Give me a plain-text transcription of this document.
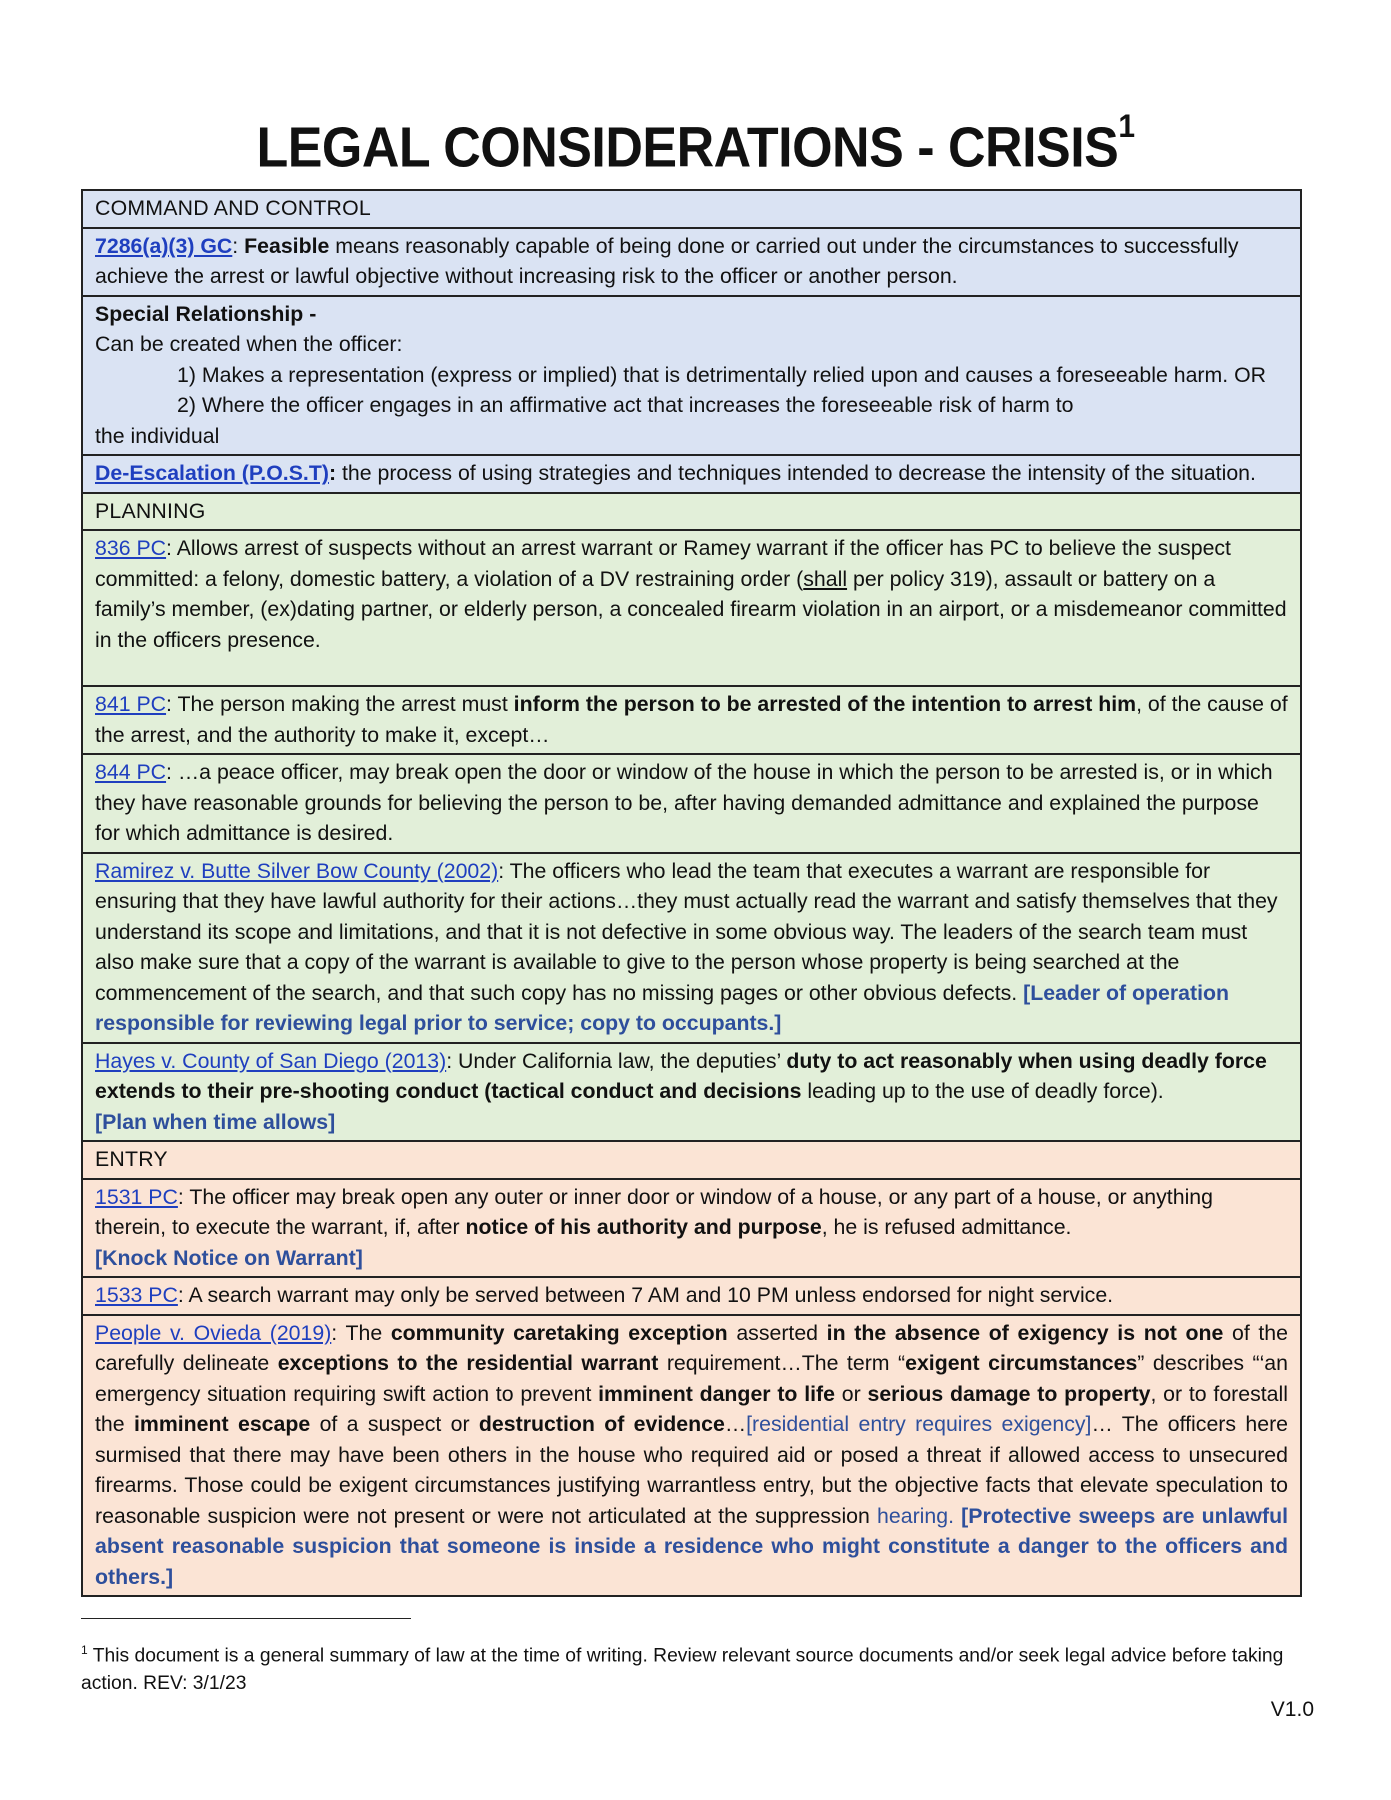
LEGAL CONSIDERATIONS - CRISIS$^1$
COMMAND AND CONTROL
7286(a)(3) GC: Feasible means reasonably capable of being done or carried out under the circumstances to successfully achieve the arrest or lawful objective without increasing risk to the officer or another person.
Special Relationship -
Can be created when the officer:
1) Makes a representation (express or implied) that is detrimentally relied upon and causes a foreseeable harm. OR
2) Where the officer engages in an affirmative act that increases the foreseeable risk of harm to
the individual
De-Escalation (P.O.S.T): the process of using strategies and techniques intended to decrease the intensity of the situation.
PLANNING
836 PC: Allows arrest of suspects without an arrest warrant or Ramey warrant if the officer has PC to believe the suspect committed: a felony, domestic battery, a violation of a DV restraining order (shall per policy 319), assault or battery on a family’s member, (ex)dating partner, or elderly person, a concealed firearm violation in an airport, or a misdemeanor committed in the officers presence.
841 PC: The person making the arrest must inform the person to be arrested of the intention to arrest him, of the cause of the arrest, and the authority to make it, except…
844 PC: …a peace officer, may break open the door or window of the house in which the person to be arrested is, or in which they have reasonable grounds for believing the person to be, after having demanded admittance and explained the purpose for which admittance is desired.
Ramirez v. Butte Silver Bow County (2002): The officers who lead the team that executes a warrant are responsible for ensuring that they have lawful authority for their actions…they must actually read the warrant and satisfy themselves that they understand its scope and limitations, and that it is not defective in some obvious way. The leaders of the search team must also make sure that a copy of the warrant is available to give to the person whose property is being searched at the commencement of the search, and that such copy has no missing pages or other obvious defects. [Leader of operation responsible for reviewing legal prior to service; copy to occupants.]
Hayes v. County of San Diego (2013): Under California law, the deputies’ duty to act reasonably when using deadly force extends to their pre-shooting conduct (tactical conduct and decisions leading up to the use of deadly force).
[Plan when time allows]
ENTRY
1531 PC: The officer may break open any outer or inner door or window of a house, or any part of a house, or anything therein, to execute the warrant, if, after notice of his authority and purpose, he is refused admittance.
[Knock Notice on Warrant]
1533 PC: A search warrant may only be served between 7 AM and 10 PM unless endorsed for night service.
People v. Ovieda (2019): The community caretaking exception asserted in the absence of exigency is not one of the carefully delineate exceptions to the residential warrant requirement…The term “exigent circumstances” describes “‘an emergency situation requiring swift action to prevent imminent danger to life or serious damage to property, or to forestall the imminent escape of a suspect or destruction of evidence…[residential entry requires exigency]… The officers here surmised that there may have been others in the house who required aid or posed a threat if allowed access to unsecured firearms. Those could be exigent circumstances justifying warrantless entry, but the objective facts that elevate speculation to reasonable suspicion were not present or were not articulated at the suppression hearing. [Protective sweeps are unlawful absent reasonable suspicion that someone is inside a residence who might constitute a danger to the officers and others.]
$^1$ This document is a general summary of law at the time of writing. Review relevant source documents and/or seek legal advice before taking action. REV: 3/1/23
V1.0
